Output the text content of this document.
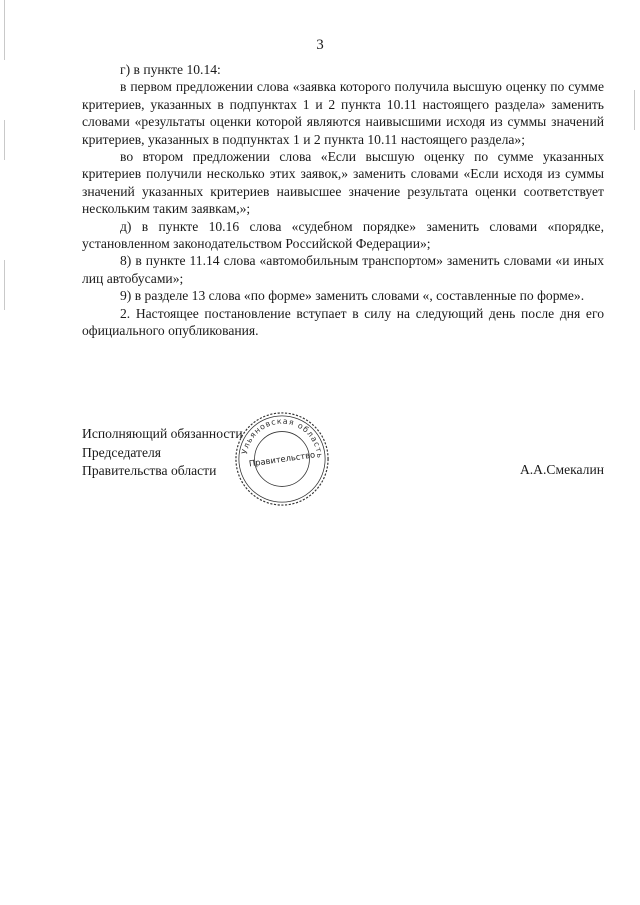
3

г) в пункте 10.14:

в первом предложении слова «заявка которого получила высшую оценку по сумме критериев, указанных в подпунктах 1 и 2 пункта 10.11 настоящего раздела» заменить словами «результаты оценки которой являются наивысшими исходя из суммы значений критериев, указанных в подпунктах 1 и 2 пункта 10.11 настоящего раздела»;

во втором предложении слова «Если высшую оценку по сумме указанных критериев получили несколько этих заявок,» заменить словами «Если исходя из суммы значений указанных критериев наивысшее значение результата оценки соответствует нескольким таким заявкам,»;

д) в пункте 10.16 слова «судебном порядке» заменить словами «порядке, установленном законодательством Российской Федерации»;

8) в пункте 11.14 слова «автомобильным транспортом» заменить словами «и иных лиц автобусами»;

9) в разделе 13 слова «по форме» заменить словами «, составленные по форме».

2. Настоящее постановление вступает в силу на следующий день после дня его официального опубликования.

Исполняющий обязанности
Председателя
Правительства области
Ульяновская область
Правительство
А.А.Смекалин
